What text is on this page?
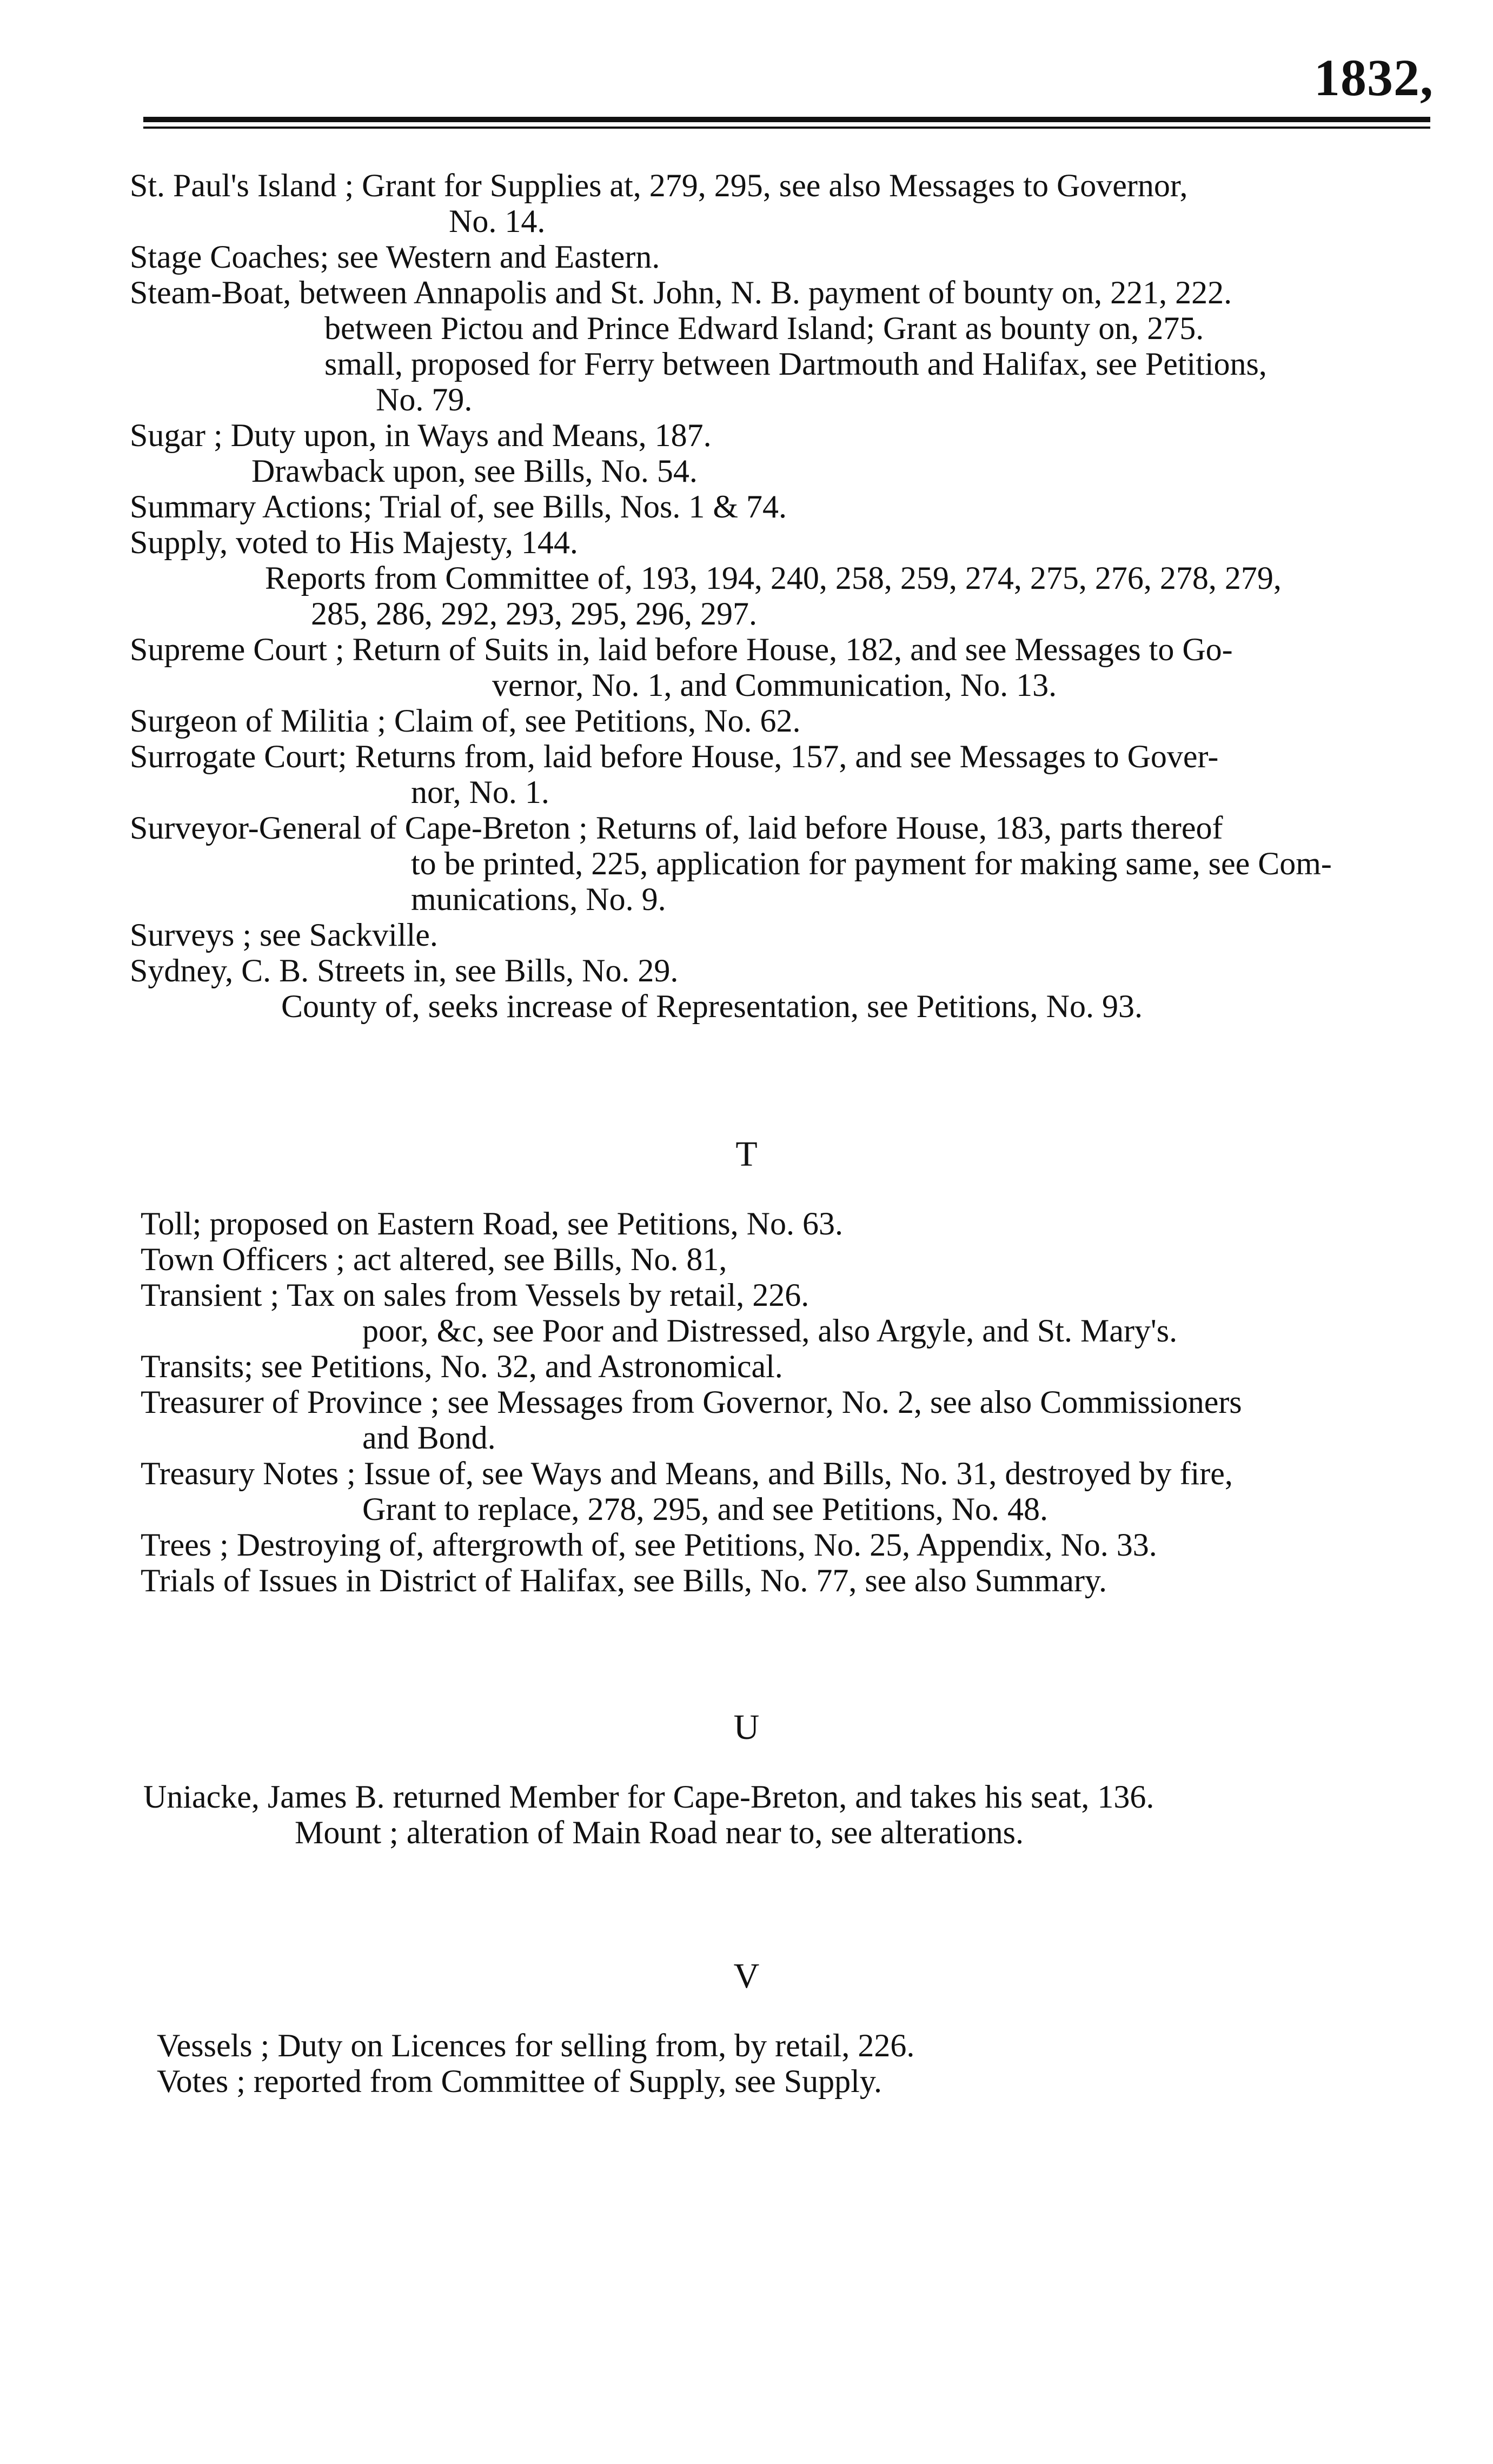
1832,
St. Paul's Island ; Grant for Supplies at, 279, 295, see also Messages to Governor,
No. 14.
Stage Coaches; see Western and Eastern.
Steam-Boat, between Annapolis and St. John, N. B. payment of bounty on, 221, 222.
between Pictou and Prince Edward Island; Grant as bounty on, 275.
small, proposed for Ferry between Dartmouth and Halifax, see Petitions,
No. 79.
Sugar ; Duty upon, in Ways and Means, 187.
Drawback upon, see Bills, No. 54.
Summary Actions; Trial of, see Bills, Nos. 1 & 74.
Supply, voted to His Majesty, 144.
Reports from Committee of, 193, 194, 240, 258, 259, 274, 275, 276, 278, 279,
285, 286, 292, 293, 295, 296, 297.
Supreme Court ; Return of Suits in, laid before House, 182, and see Messages to Go-
vernor, No. 1, and Communication, No. 13.
Surgeon of Militia ; Claim of, see Petitions, No. 62.
Surrogate Court; Returns from, laid before House, 157, and see Messages to Gover-
nor, No. 1.
Surveyor-General of Cape-Breton ; Returns of, laid before House, 183, parts thereof
to be printed, 225, application for payment for making same, see Com-
munications, No. 9.
Surveys ; see Sackville.
Sydney, C. B. Streets in, see Bills, No. 29.
County of, seeks increase of Representation, see Petitions, No. 93.
T
Toll; proposed on Eastern Road, see Petitions, No. 63.
Town Officers ; act altered, see Bills, No. 81,
Transient ; Tax on sales from Vessels by retail, 226.
poor, &c, see Poor and Distressed, also Argyle, and St. Mary's.
Transits; see Petitions, No. 32, and Astronomical.
Treasurer of Province ; see Messages from Governor, No. 2, see also Commissioners
and Bond.
Treasury Notes ; Issue of, see Ways and Means, and Bills, No. 31, destroyed by fire,
Grant to replace, 278, 295, and see Petitions, No. 48.
Trees ; Destroying of, aftergrowth of, see Petitions, No. 25, Appendix, No. 33.
Trials of Issues in District of Halifax, see Bills, No. 77, see also Summary.
U
Uniacke, James B. returned Member for Cape-Breton, and takes his seat, 136.
Mount ; alteration of Main Road near to, see alterations.
V
Vessels ; Duty on Licences for selling from, by retail, 226.
Votes ; reported from Committee of Supply, see Supply.
